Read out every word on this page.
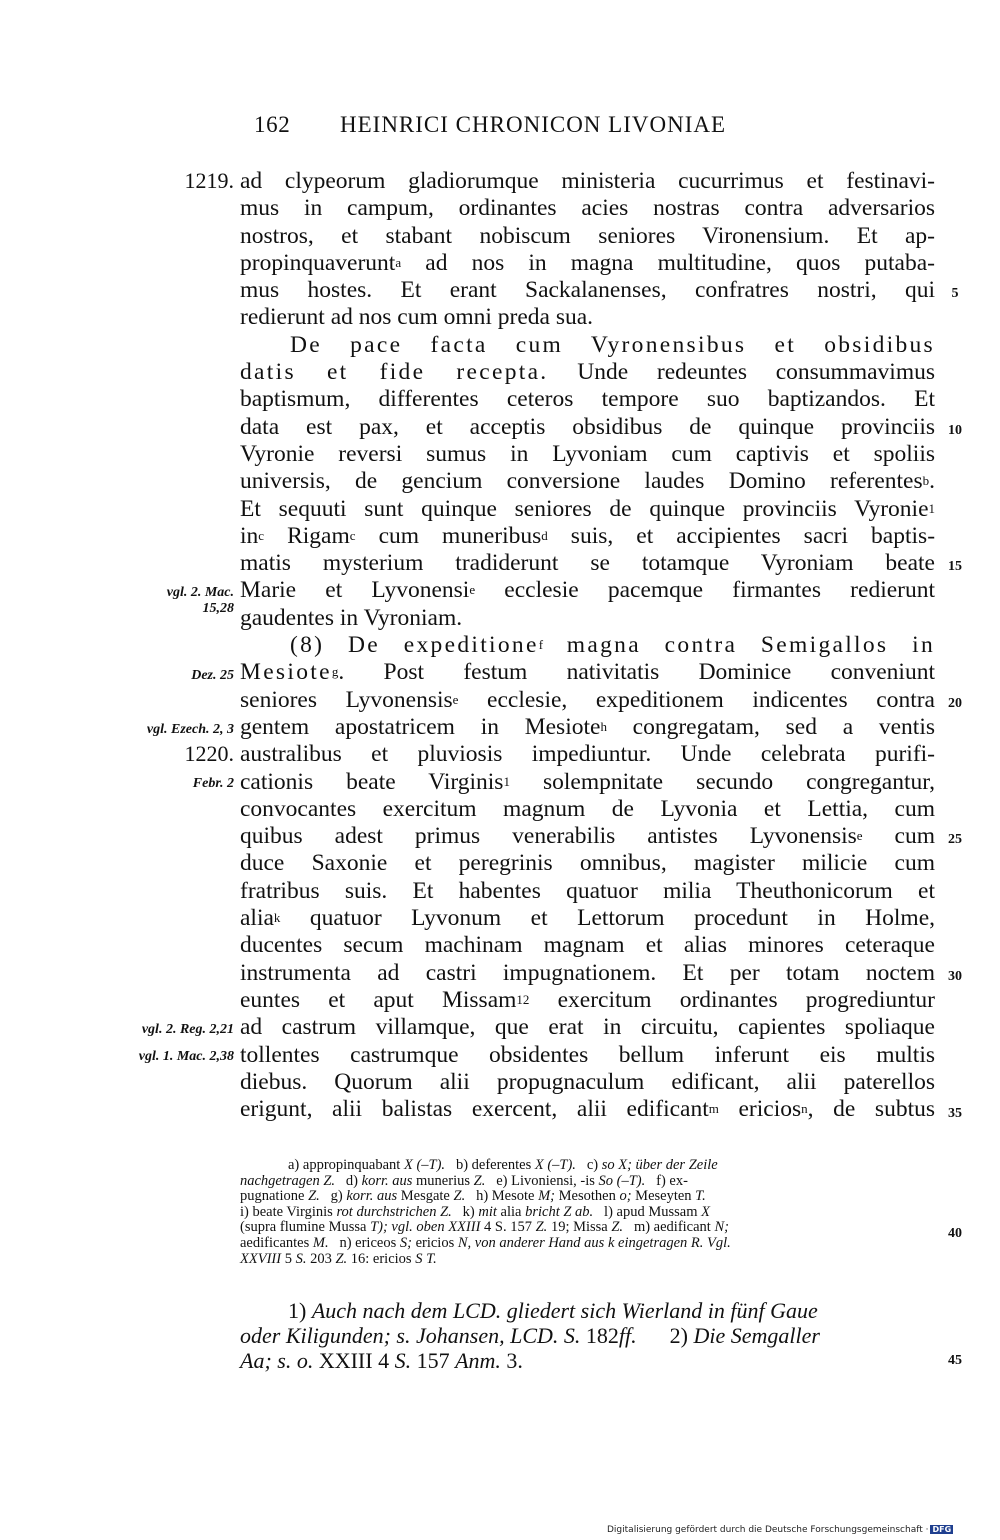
162 HEINRICI CHRONICON LIVONIAE
1219.
vgl. 2. Mac.
15,28
Dez. 25
vgl. Ezech. 2, 3
1220.
Febr. 2
vgl. 2. Reg. 2,21
vgl. 1. Mac. 2,38
5
10
15
20
25
30
35
40
45
ad clypeorum gladiorumque ministeria cucurrimus et festinavi-
mus in campum, ordinantes acies nostras contra adversarios
nostros, et stabant nobiscum seniores Vironensium. Et ap-
propinquaverunt$^a$ ad nos in magna multitudine, quos putaba-
mus hostes. Et erant Sackalanenses, confratres nostri, qui
redierunt ad nos cum omni preda sua.
De pace facta cum Vyronensibus et obsidibus
datis et fide recepta. Unde redeuntes consummavimus
baptismum, differentes ceteros tempore suo baptizandos. Et
data est pax, et acceptis obsidibus de quinque provinciis
Vyronie reversi sumus in Lyvoniam cum captivis et spoliis
universis, de gencium conversione laudes Domino referentes$^b$.
Et sequuti sunt quinque seniores de quinque provinciis Vyronie$^1$
$in^c$ Rigam$^c$ cum muneribus$^d$ suis, et accipientes sacri baptis-
matis mysterium tradiderunt se totamque Vyroniam beate
Marie et Lyvonensi$^e$ ecclesie pacemque firmantes redierunt
gaudentes in Vyroniam.
(8) De expeditione$^f$ magna contra Semigallos in
Mesiote$^g$. Post festum nativitatis Dominice conveniunt
seniores Lyvonensis$^e$ ecclesie, expeditionem indicentes contra
gentem apostatricem in Mesiote$^h$ congregatam, sed a ventis
australibus et pluviosis impediuntur. Unde celebrata purifi-
cationis beate Virginis$^1$ solempnitate secundo congregantur,
convocantes exercitum magnum de Lyvonia et Lettia, cum
quibus adest primus venerabilis antistes Lyvonensis$^e$ cum
duce Saxonie et peregrinis omnibus, magister milicie cum
fratribus suis. Et habentes quatuor milia Theuthonicorum et
alia$^k$ quatuor Lyvonum et Lettorum procedunt in Holme,
ducentes secum machinam magnam et alias minores ceteraque
instrumenta ad castri impugnationem. Et per totam noctem
euntes et aput Missam$^{12}$ exercitum ordinantes progrediuntur
ad castrum villamque, que erat in circuitu, capientes spoliaque
tollentes castrumque obsidentes bellum inferunt eis multis
diebus. Quorum alii propugnaculum edificant, alii paterellos
erigunt, alii balistas exercent, alii edificant$^m$ ericios$^n$, de subtus
a) appropinquabant X (–T).   b) deferentes X (–T).   c) so X; über der Zeile
nachgetragen Z.   d) korr. aus munerius Z.   e) Livoniensi, -is So (–T).   f) ex-
pugnatione Z.   g) korr. aus Mesgate Z.   h) Mesote M; Mesothen o; Meseyten T.
i) beate Virginis rot durchstrichen Z.   k) mit alia bricht Z ab.   l) apud Mussam X
(supra flumine Mussa T); vgl. oben XXIII 4 S. 157 Z. 19; Missa Z.   m) aedificant N;
aedificantes M.   n) ericeos S; ericios N, von anderer Hand aus k eingetragen R. Vgl.
XXVIII 5 S. 203 Z. 16: ericios S T.
1) Auch nach dem LCD. gliedert sich Wierland in fünf Gaue
oder Kiligunden; s. Johansen, LCD. S. 182ff.      2) Die Semgaller
Aa; s. o. XXIII 4 S. 157 Anm. 3.
Digitalisierung gefördert durch die Deutsche Forschungsgemeinschaft · DFG
